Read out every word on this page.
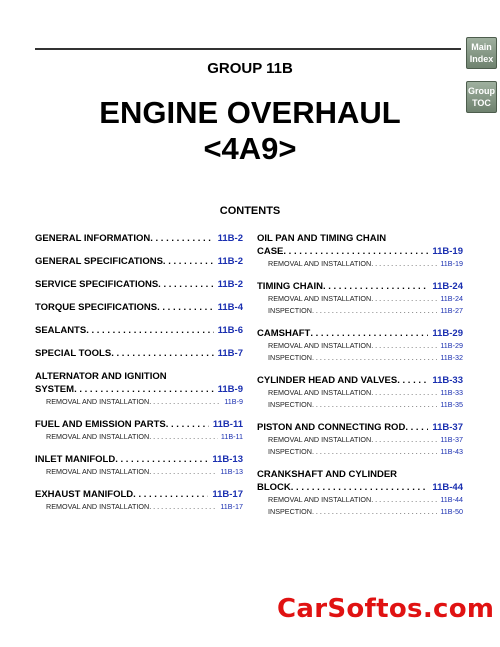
GROUP 11B
ENGINE OVERHAUL
<4A9>
CONTENTS
Main
Index
Group
TOC
GENERAL INFORMATION . . .	11B-2
GENERAL SPECIFICATIONS . . .	11B-2
SERVICE SPECIFICATIONS . . .	11B-2
TORQUE SPECIFICATIONS . . .	11B-4
SEALANTS . . .	11B-6
SPECIAL TOOLS . . .	11B-7
ALTERNATOR AND IGNITION
SYSTEM . . .	11B-9
REMOVAL AND INSTALLATION . . .	11B-9
FUEL AND EMISSION PARTS . . .	11B-11
REMOVAL AND INSTALLATION . . .	11B-11
INLET MANIFOLD . . .	11B-13
REMOVAL AND INSTALLATION . . .	11B-13
EXHAUST MANIFOLD . . .	11B-17
REMOVAL AND INSTALLATION . . .	11B-17
OIL PAN AND TIMING CHAIN
CASE . . .	11B-19
REMOVAL AND INSTALLATION . . .	11B-19
TIMING CHAIN . . .	11B-24
REMOVAL AND INSTALLATION . . .	11B-24
INSPECTION . . .	11B-27
CAMSHAFT . . .	11B-29
REMOVAL AND INSTALLATION . . .	11B-29
INSPECTION . . .	11B-32
CYLINDER HEAD AND VALVES . . .	11B-33
REMOVAL AND INSTALLATION . . .	11B-33
INSPECTION . . .	11B-35
PISTON AND CONNECTING ROD . . .	11B-37
REMOVAL AND INSTALLATION . . .	11B-37
INSPECTION . . .	11B-43
CRANKSHAFT AND CYLINDER
BLOCK . . .	11B-44
REMOVAL AND INSTALLATION . . .	11B-44
INSPECTION . . .	11B-50
CarSoftos.com
